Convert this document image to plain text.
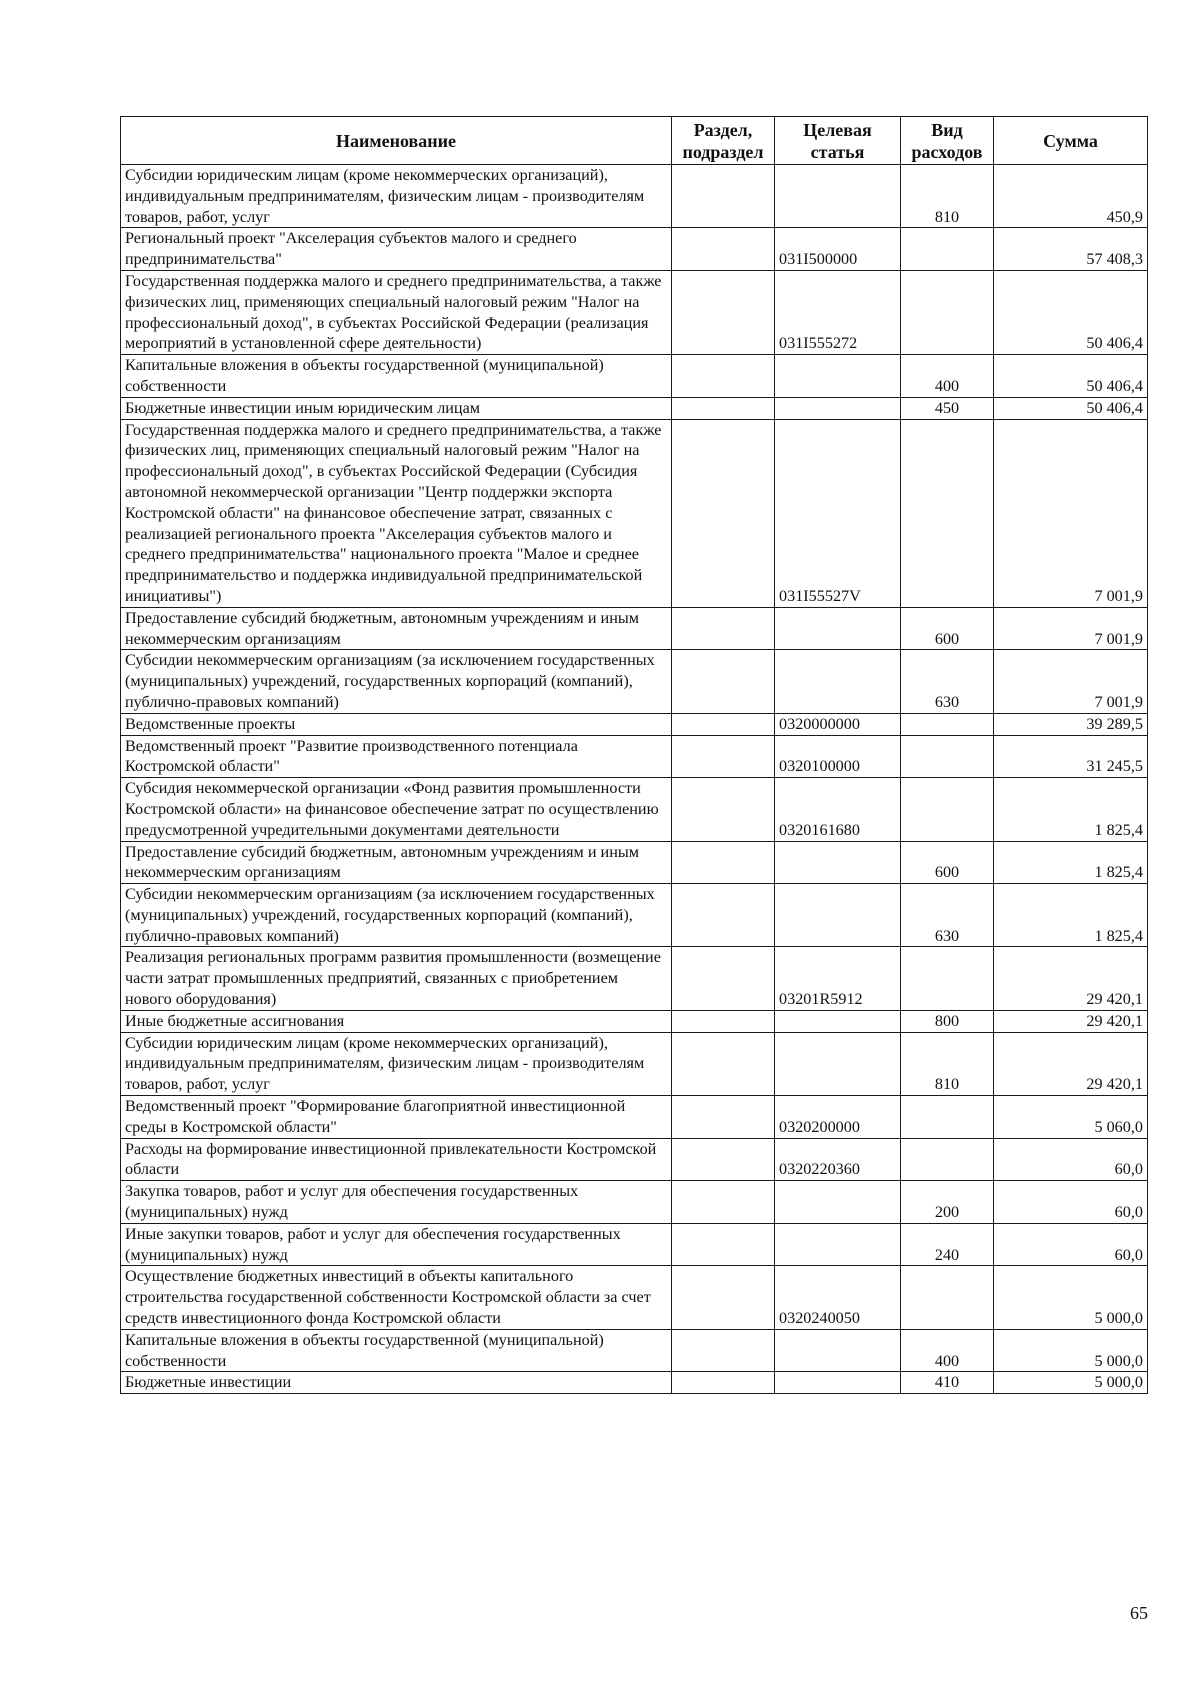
Наименование	Раздел, подраздел	Целевая статья	Вид расходов	Сумма
Субсидии юридическим лицам (кроме некоммерческих организаций), индивидуальным предпринимателям, физическим лицам - производителям товаров, работ, услуг			810	450,9
Региональный проект "Акселерация субъектов малого и среднего предпринимательства"		031I500000		57 408,3
Государственная поддержка малого и среднего предпринимательства, а также физических лиц, применяющих специальный налоговый режим "Налог на профессиональный доход", в субъектах Российской Федерации (реализация мероприятий в установленной сфере деятельности)		031I555272		50 406,4
Капитальные вложения в объекты государственной (муниципальной) собственности			400	50 406,4
Бюджетные инвестиции иным юридическим лицам			450	50 406,4
Государственная поддержка малого и среднего предпринимательства, а также физических лиц, применяющих специальный налоговый режим "Налог на профессиональный доход", в субъектах Российской Федерации (Субсидия автономной некоммерческой организации "Центр поддержки экспорта Костромской области" на финансовое обеспечение затрат, связанных с реализацией регионального проекта "Акселерация субъектов малого и среднего предпринимательства" национального проекта "Малое и среднее предпринимательство и поддержка индивидуальной предпринимательской инициативы")		031I55527V		7 001,9
Предоставление субсидий бюджетным, автономным учреждениям и иным некоммерческим организациям			600	7 001,9
Субсидии некоммерческим организациям (за исключением государственных (муниципальных) учреждений, государственных корпораций (компаний), публично-правовых компаний)			630	7 001,9
Ведомственные проекты		0320000000		39 289,5
Ведомственный проект "Развитие производственного потенциала Костромской области"		0320100000		31 245,5
Субсидия некоммерческой организации «Фонд развития промышленности Костромской области» на финансовое обеспечение затрат по осуществлению предусмотренной учредительными документами деятельности		0320161680		1 825,4
Предоставление субсидий бюджетным, автономным учреждениям и иным некоммерческим организациям			600	1 825,4
Субсидии некоммерческим организациям (за исключением государственных (муниципальных) учреждений, государственных корпораций (компаний), публично-правовых компаний)			630	1 825,4
Реализация региональных программ развития промышленности (возмещение части затрат промышленных предприятий, связанных с приобретением нового оборудования)		03201R5912		29 420,1
Иные бюджетные ассигнования			800	29 420,1
Субсидии юридическим лицам (кроме некоммерческих организаций), индивидуальным предпринимателям, физическим лицам - производителям товаров, работ, услуг			810	29 420,1
Ведомственный проект "Формирование благоприятной инвестиционной среды в Костромской области"		0320200000		5 060,0
Расходы на формирование инвестиционной привлекательности Костромской области		0320220360		60,0
Закупка товаров, работ и услуг для обеспечения государственных (муниципальных) нужд			200	60,0
Иные закупки товаров, работ и услуг для обеспечения государственных (муниципальных) нужд			240	60,0
Осуществление бюджетных инвестиций в объекты капитального строительства государственной собственности Костромской области за счет средств инвестиционного фонда Костромской области		0320240050		5 000,0
Капитальные вложения в объекты государственной (муниципальной) собственности			400	5 000,0
Бюджетные инвестиции			410	5 000,0
65
